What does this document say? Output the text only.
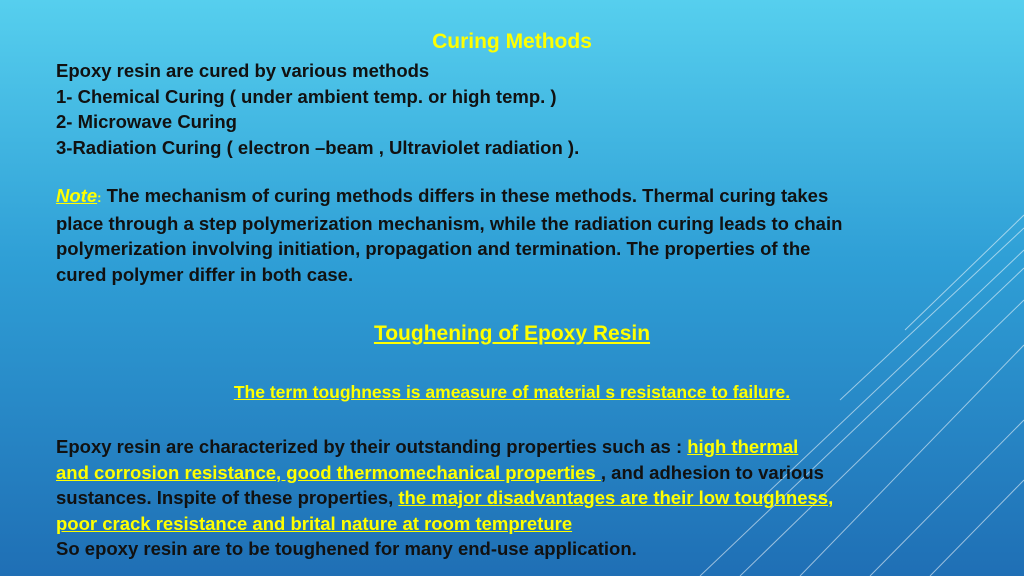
Curing Methods
Epoxy resin are cured by various methods
1- Chemical Curing ( under ambient temp. or high temp. )
2- Microwave Curing
3-Radiation Curing ( electron –beam , Ultraviolet radiation ).
Note: The mechanism of curing methods differs in these methods. Thermal curing takes
place through a step polymerization mechanism, while the radiation curing leads to chain
polymerization involving initiation, propagation and termination. The properties of the
cured polymer differ in both case.
Toughening of Epoxy Resin
The term toughness is ameasure of material s resistance to failure.
Epoxy resin are characterized by their outstanding properties such as : high thermal
and corrosion resistance, good thermomechanical properties , and adhesion to various
sustances. Inspite of these properties, the major disadvantages are their low toughness,
poor crack resistance and brital nature at room tempreture
So epoxy resin are to be toughened for many end-use application.
